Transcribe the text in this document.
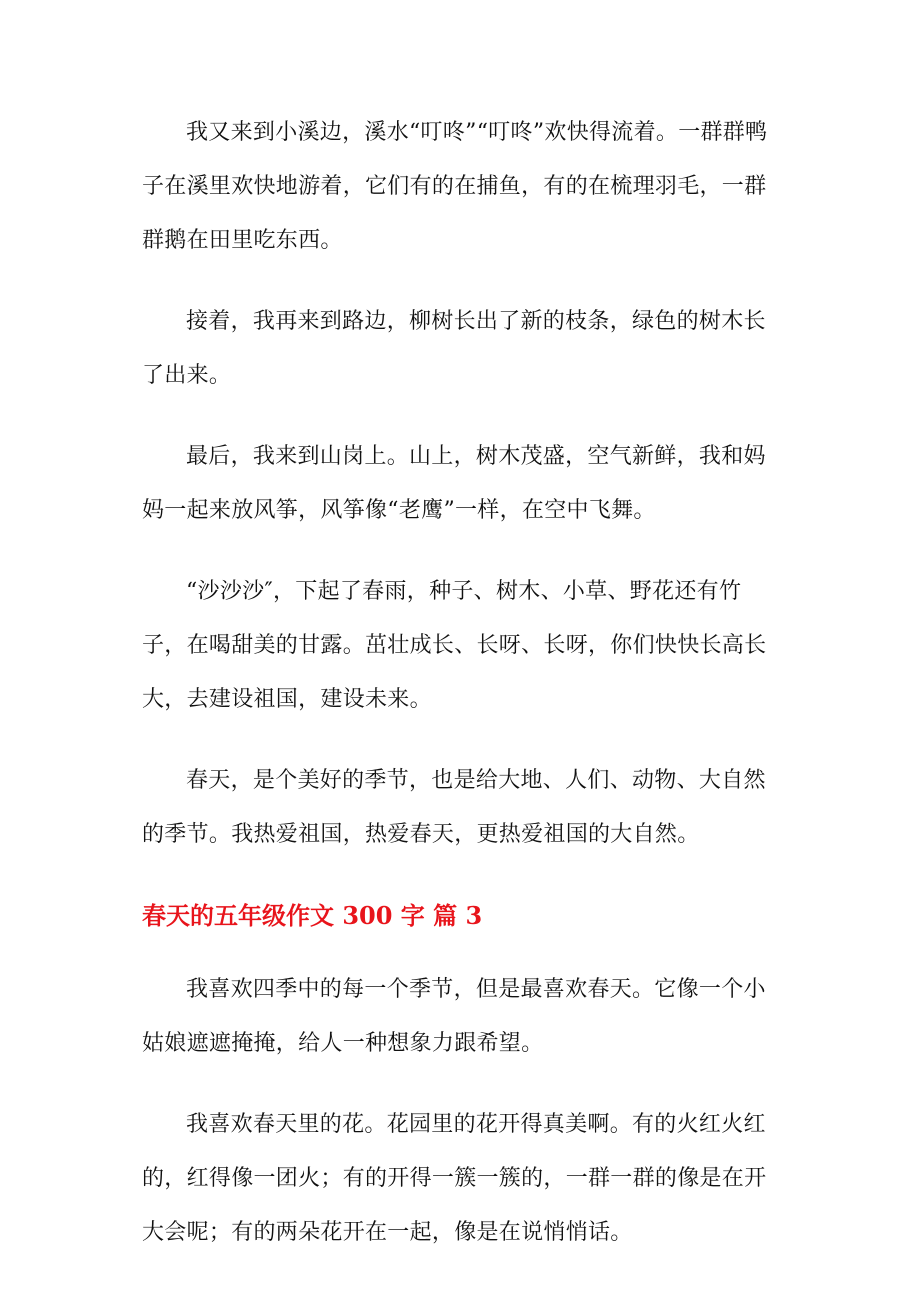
我又来到小溪边，溪水“叮咚”“叮咚”欢快得流着。一群群鸭子在溪里欢快地游着，它们有的在捕鱼，有的在梳理羽毛，一群群鹅在田里吃东西。

接着，我再来到路边，柳树长出了新的枝条，绿色的树木长了出来。

最后，我来到山岗上。山上，树木茂盛，空气新鲜，我和妈妈一起来放风筝，风筝像“老鹰”一样，在空中飞舞。

“沙沙沙″，下起了春雨，种子、树木、小草、野花还有竹子，在喝甜美的甘露。茁壮成长、长呀、长呀，你们快快长高长大，去建设祖国，建设未来。

春天，是个美好的季节，也是给大地、人们、动物、大自然的季节。我热爱祖国，热爱春天，更热爱祖国的大自然。

春天的五年级作文 300 字 篇 3

我喜欢四季中的每一个季节，但是最喜欢春天。它像一个小姑娘遮遮掩掩，给人一种想象力跟希望。

我喜欢春天里的花。花园里的花开得真美啊。有的火红火红的，红得像一团火；有的开得一簇一簇的，一群一群的像是在开大会呢；有的两朵花开在一起，像是在说悄悄话。
